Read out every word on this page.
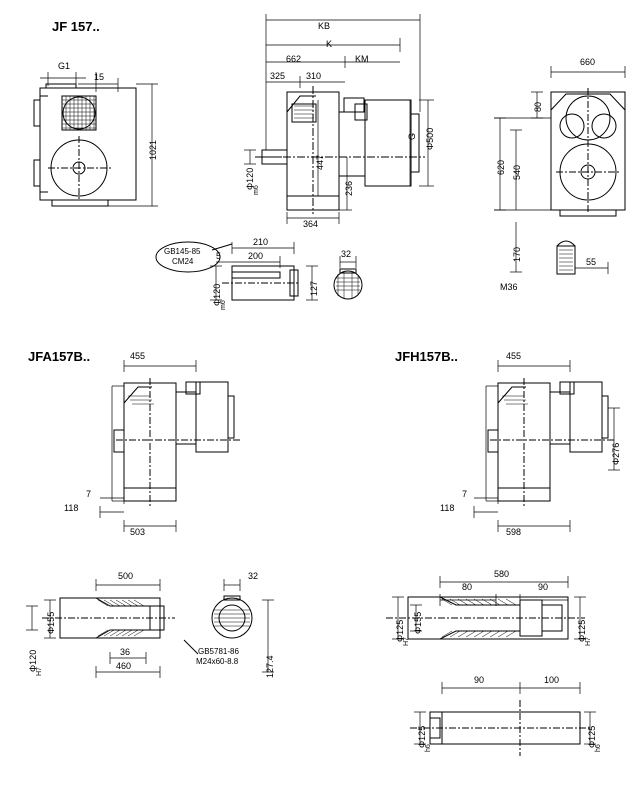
JF 157..
JFA157B..	JFH157B..
G1
15
1021
KB
K
662	KM
325 310
Φ500
G
Φ120
m6
447
236
364
660
80
620 540
170
M36
55
GB145-85
CM24
210
200
5
Φ120
m6
127
32
455
7
118
503
500	32
Φ155
Φ120
H7
36
460
GB5781-86
M24x60-8.8	127.4
455
Φ276
7
118
598
580
80	90
Φ125
H7
Φ155	Φ125
H7
90	100
Φ125
h6
Φ125
h6
